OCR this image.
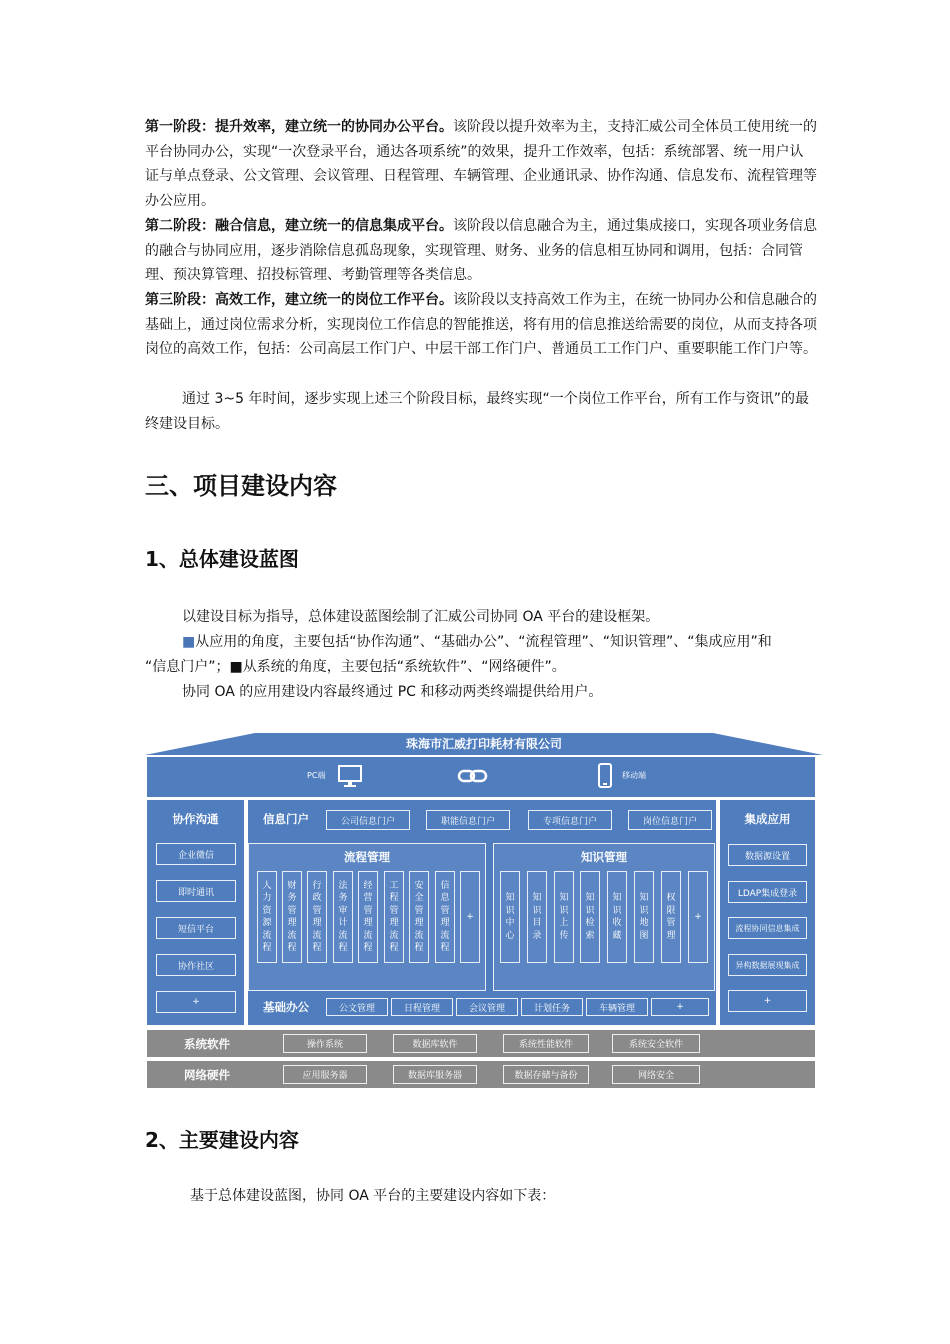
第一阶段：提升效率，建立统一的协同办公平台。该阶段以提升效率为主，支持汇威公司全体员工使用统一的平台协同办公，实现“一次登录平台，通达各项系统”的效果，提升工作效率，包括：系统部署、统一用户认证与单点登录、公文管理、会议管理、日程管理、车辆管理、企业通讯录、协作沟通、信息发布、流程管理等办公应用。

第二阶段：融合信息，建立统一的信息集成平台。该阶段以信息融合为主，通过集成接口，实现各项业务信息的融合与协同应用，逐步消除信息孤岛现象，实现管理、财务、业务的信息相互协同和调用，包括：合同管理、预决算管理、招投标管理、考勤管理等各类信息。

第三阶段：高效工作，建立统一的岗位工作平台。该阶段以支持高效工作为主，在统一协同办公和信息融合的基础上，通过岗位需求分析，实现岗位工作信息的智能推送，将有用的信息推送给需要的岗位，从而支持各项岗位的高效工作，包括：公司高层工作门户、中层干部工作门户、普通员工工作门户、重要职能工作门户等。

通过 3~5 年时间，逐步实现上述三个阶段目标，最终实现“一个岗位工作平台，所有工作与资讯”的最终建设目标。

三、项目建设内容
1、总体建设蓝图
以建设目标为指导，总体建设蓝图绘制了汇威公司协同 OA 平台的建设框架。
■从应用的角度，主要包括“协作沟通”、“基础办公”、“流程管理”、“知识管理”、“集成应用”和
“信息门户”；■从系统的角度，主要包括“系统软件”、“网络硬件”。
协同 OA 的应用建设内容最终通过 PC 和移动两类终端提供给用户。
珠海市汇威打印耗材有限公司
PC端	移动端
协作沟通
企业微信
即时通讯
短信平台
协作社区
+
信息门户	公司信息门户	职能信息门户	专项信息门户	岗位信息门户
流程管理
人力资源流程
财务管理流程
行政管理流程
法务审计流程
经营管理流程
工程管理流程
安全管理流程
信息管理流程
+
知识管理
知识中心
知识目录
知识上传
知识检索
知识收藏
知识地图
权限管理
+
基础办公	公文管理	日程管理	会议管理	计划任务	车辆管理	+
集成应用
数据源设置
LDAP集成登录
流程协同信息集成
异构数据展现集成
+
系统软件	操作系统	数据库软件	系统性能软件	系统安全软件
网络硬件	应用服务器	数据库服务器	数据存储与备份	网络安全
2、主要建设内容
基于总体建设蓝图，协同 OA 平台的主要建设内容如下表：
